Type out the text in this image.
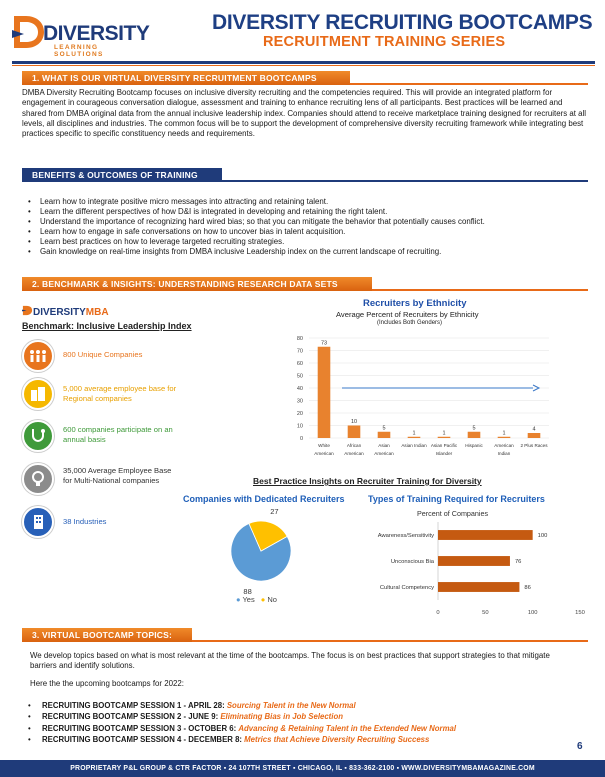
DIVERSITY
LEARNING SOLUTIONS
DIVERSITY RECRUITING BOOTCAMPS
RECRUITMENT TRAINING SERIES
1. WHAT IS OUR VIRTUAL DIVERSITY RECRUITMENT BOOTCAMPS
DMBA Diversity Recruiting Bootcamp focuses on inclusive diversity recruiting and the competencies required. This will provide an integrated platform for engagement in courageous conversation dialogue, assessment and training to enhance recruiting lens of all participants. Best practices will be learned and shared from DMBA original data from the annual inclusive leadership index. Companies should attend to receive marketplace training designed for recruiters at all levels, all disciplines and industries. The common focus will be to support the development of comprehensive diversity recruiting framework while integrating best practices specific to specific constituency needs and requirements.
BENEFITS & OUTCOMES OF TRAINING
• Learn how to integrate positive micro messages into attracting and retaining talent.
• Learn the different perspectives of how D&I is integrated in developing and retaining the right talent.
• Understand the importance of recognizing hard wired bias; so that you can mitigate the behavior that potentially causes conflict.
• Learn how to engage in safe conversations on how to uncover bias in talent acquisition.
• Learn best practices on how to leverage targeted recruiting strategies.
• Gain knowledge on real-time insights from DMBA inclusive Leadership index on the current landscape of recruiting.
2. BENCHMARK & INSIGHTS: UNDERSTANDING RESEARCH DATA SETS
DIVERSITYMBA
Benchmark: Inclusive Leadership Index
800 Unique Companies
5,000 average employee base for Regional companies
600 companies participate on an annual basis
35,000 Average Employee Base for Multi-National companies
38 Industries
Recruiters by Ethnicity
Average Percent of Recruiters by Ethnicity
(Includes Both Genders)
0
10
20
30
40
50
60
70
80
73
White
American
10
African
American
5
Asian
American
1
Asian Indian
1
Asian Pacific
Islander
5
Hispanic
1
American
Indian
4
2 Plus Races
Best Practice Insights on Recruiter Training for Diversity
Companies with Dedicated Recruiters
88
27
● Yes ● No
Types of Training Required for Recruiters
Percent of Companies
0	50	100	150
100
Awareness/Sensitivity
76
Unconscious Bia
86
Cultural Competency
3. VIRTUAL BOOTCAMP TOPICS:
We develop topics based on what is most relevant at the time of the bootcamps. The focus is on best practices that support strategies to that mitigate barriers and identify solutions.
Here the the upcoming bootcamps for 2022:
• RECRUITING BOOTCAMP SESSION 1 - APRIL 28: Sourcing Talent in the New Normal
• RECRUITING BOOTCAMP SESSION 2 - JUNE 9: Eliminating Bias in Job Selection
• RECRUITING BOOTCAMP SESSION 3 - OCTOBER 6: Advancing & Retaining Talent in the Extended New Normal
• RECRUITING BOOTCAMP SESSION 4 - DECEMBER 8: Metrics that Achieve Diversity Recruiting Success
6
PROPRIETARY P&L GROUP & CTR FACTOR ▪ 24 107TH STREET ▪ CHICAGO, IL ▪ 833-362-2100 ▪ WWW.DIVERSITYMBAMAGAZINE.COM
